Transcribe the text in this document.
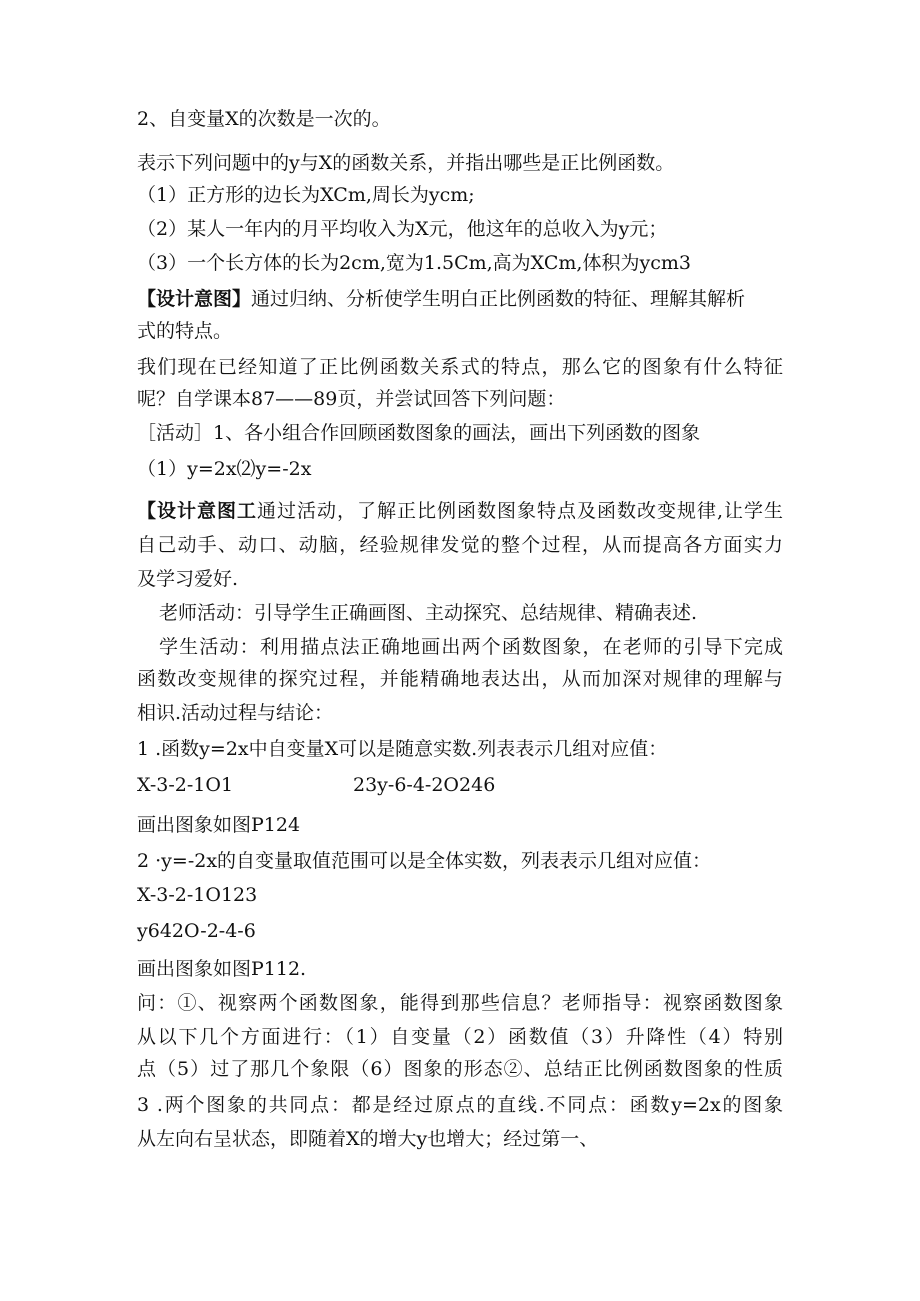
2、自变量X的次数是一次的。
表示下列问题中的y与X的函数关系，并指出哪些是正比例函数。
（1）正方形的边长为XCm,周长为ycm;
（2）某人一年内的月平均收入为X元，他这年的总收入为y元；
（3）一个长方体的长为2cm,宽为1.5Cm,高为XCm,体积为ycm3
【设计意图】通过归纳、分析使学生明白正比例函数的特征、理解其解析
式的特点。
我们现在已经知道了正比例函数关系式的特点，那么它的图象有什么特征
呢？自学课本87——89页，并尝试回答下列问题：
［活动］1、各小组合作回顾函数图象的画法，画出下列函数的图象
（1）y=2x⑵y=-2x
【设计意图工通过活动，了解正比例函数图象特点及函数改变规律,让学生
自己动手、动口、动脑，经验规律发觉的整个过程，从而提高各方面实力
及学习爱好.
老师活动：引导学生正确画图、主动探究、总结规律、精确表述.
学生活动：利用描点法正确地画出两个函数图象，在老师的引导下完成
函数改变规律的探究过程，并能精确地表达出，从而加深对规律的理解与
相识.活动过程与结论：
1 .函数y=2x中自变量X可以是随意实数.列表表示几组对应值：
X-3-2-1O1	23y-6-4-2O246
画出图象如图P124
2 ·y=-2x的自变量取值范围可以是全体实数，列表表示几组对应值：
X-3-2-1O123
y642O-2-4-6
画出图象如图P112.
问：①、视察两个函数图象，能得到那些信息？老师指导：视察函数图象
从以下几个方面进行：（1）自变量（2）函数值（3）升降性（4）特别
点（5）过了那几个象限（6）图象的形态②、总结正比例函数图象的性质
3 .两个图象的共同点：都是经过原点的直线.不同点：函数y=2x的图象
从左向右呈状态，即随着X的增大y也增大；经过第一、
